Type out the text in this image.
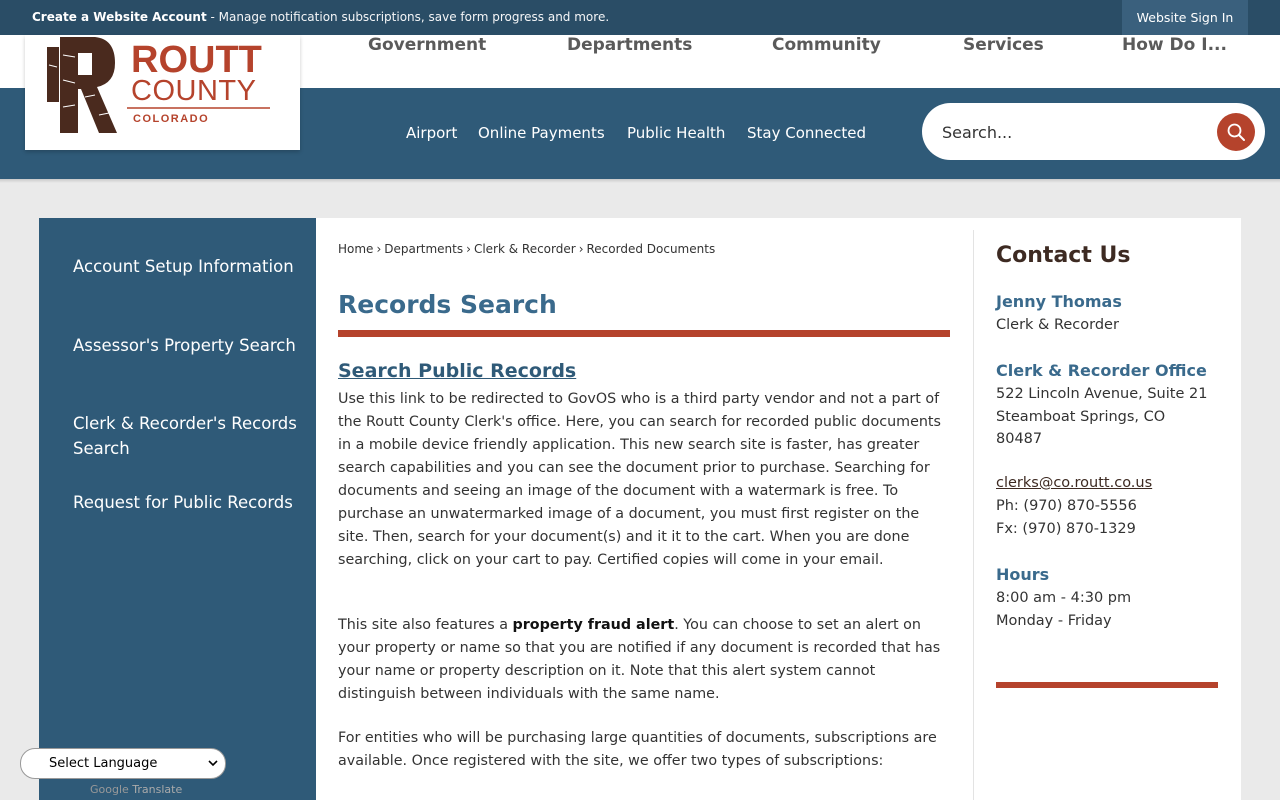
Create a Website Account - Manage notification subscriptions, save form progress and more.	Website Sign In
Government	Departments	Community	Services	How Do I...
ROUTT
COUNTY
COLORADO
Airport Online Payments Public Health Stay Connected
Search...
Account Setup Information
Assessor's Property Search
Clerk & Recorder's Records Search
Request for Public Records
Home › Departments › Clerk & Recorder › Recorded Documents
Records Search
Search Public Records
Use this link to be redirected to GovOS who is a third party vendor and not a part of the Routt County Clerk's office. Here, you can search for recorded public documents in a mobile device friendly application. This new search site is faster, has greater search capabilities and you can see the document prior to purchase. Searching for documents and seeing an image of the document with a watermark is free. To purchase an unwatermarked image of a document, you must first register on the site. Then, search for your document(s) and it it to the cart. When you are done searching, click on your cart to pay. Certified copies will come in your email.
This site also features a property fraud alert. You can choose to set an alert on your property or name so that you are notified if any document is recorded that has your name or property description on it. Note that this alert system cannot distinguish between individuals with the same name.
For entities who will be purchasing large quantities of documents, subscriptions are available. Once registered with the site, we offer two types of subscriptions:
Contact Us
Jenny Thomas
Clerk & Recorder
Clerk & Recorder Office
522 Lincoln Avenue, Suite 21
Steamboat Springs, CO
80487
clerks@co.routt.co.us
Ph: (970) 870-5556
Fx: (970) 870-1329
Hours
8:00 am - 4:30 pm
Monday - Friday
Select Language
Google Translate
